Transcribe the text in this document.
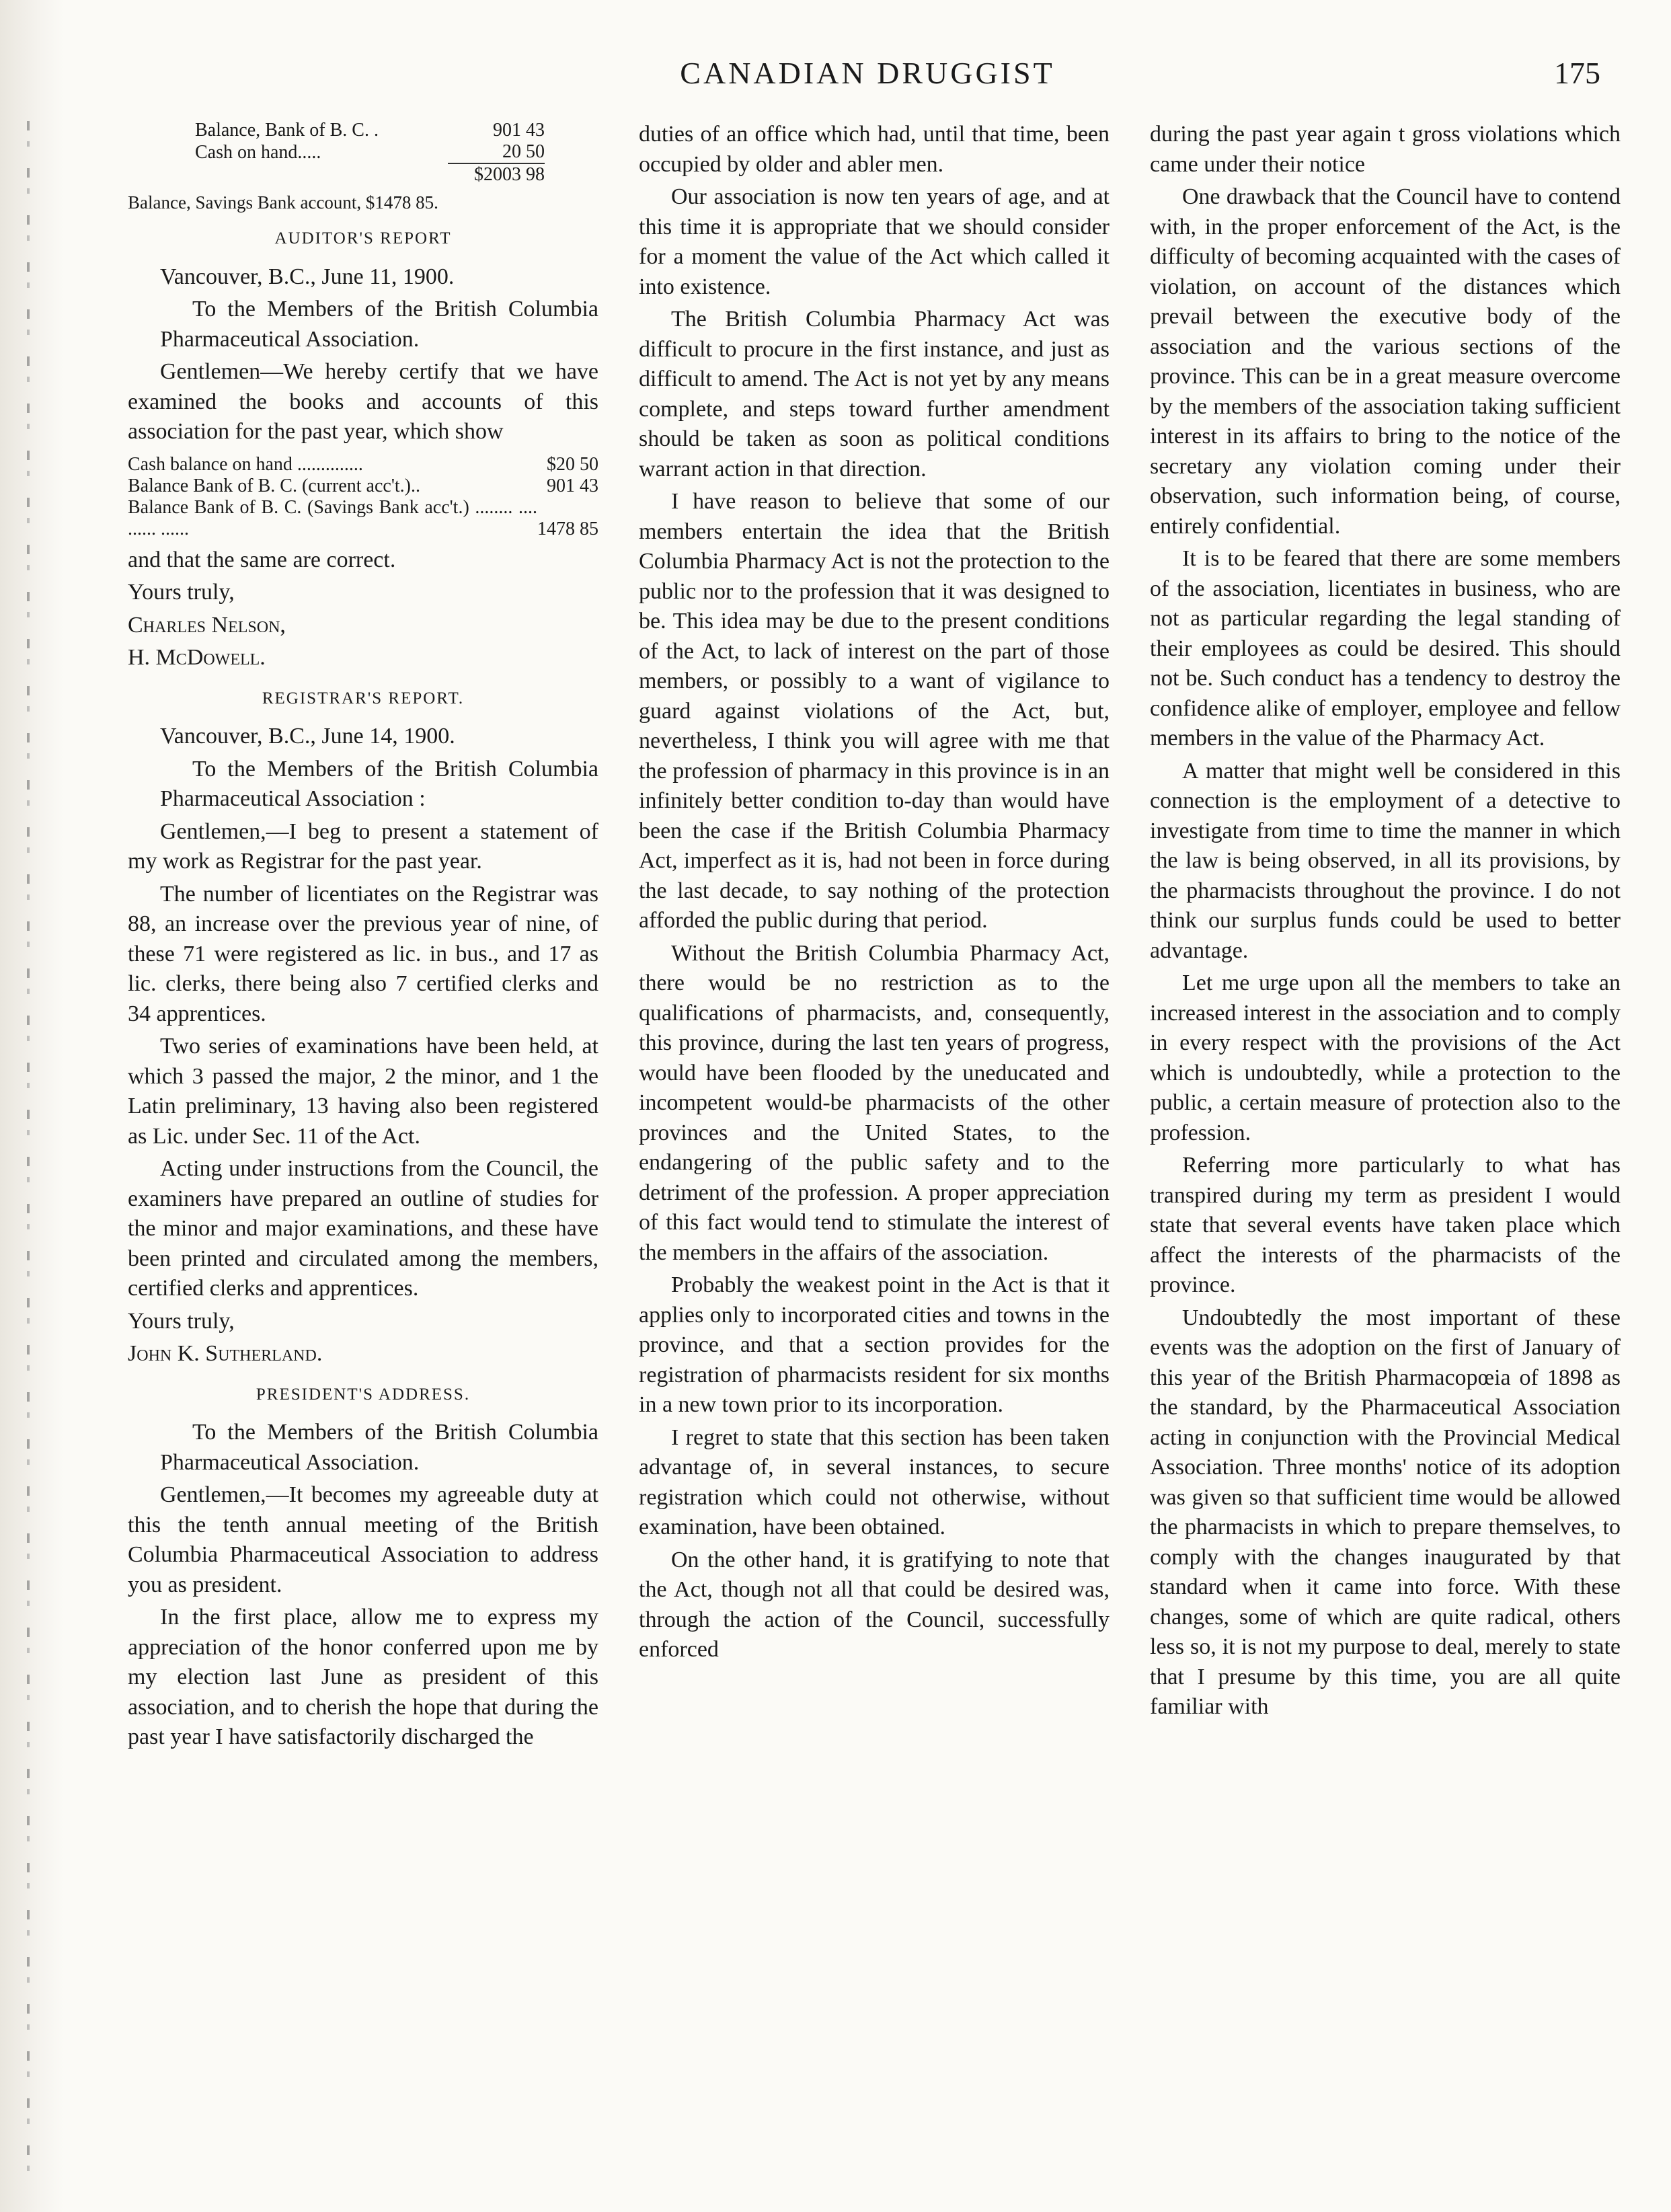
CANADIAN DRUGGIST	175
Balance, Bank of B. C. .	901 43
Cash on hand.....	20 50
	$2003 98

Balance, Savings Bank account, $1478 85.

AUDITOR'S REPORT

Vancouver, B.C., June 11, 1900.

To the Members of the British Columbia Pharmaceutical Association.

Gentlemen—We hereby certify that we have examined the books and accounts of this association for the past year, which show

Cash balance on hand ..............	$20 50
Balance Bank of B. C. (current acc't.)..	901 43
Balance Bank of B. C. (Savings Bank acc't.) ........ .... ...... ......	1478 85

and that the same are correct.

Yours truly,

Charles Nelson,

H. McDowell.

REGISTRAR'S REPORT.

Vancouver, B.C., June 14, 1900.

To the Members of the British Columbia Pharmaceutical Association :

Gentlemen,—I beg to present a statement of my work as Registrar for the past year.

The number of licentiates on the Registrar was 88, an increase over the previous year of nine, of these 71 were registered as lic. in bus., and 17 as lic. clerks, there being also 7 certified clerks and 34 apprentices.

Two series of examinations have been held, at which 3 passed the major, 2 the minor, and 1 the Latin preliminary, 13 having also been registered as Lic. under Sec. 11 of the Act.

Acting under instructions from the Council, the examiners have prepared an outline of studies for the minor and major examinations, and these have been printed and circulated among the members, certified clerks and apprentices.

Yours truly,

John K. Sutherland.

PRESIDENT'S ADDRESS.

To the Members of the British Columbia Pharmaceutical Association.

Gentlemen,—It becomes my agreeable duty at this the tenth annual meeting of the British Columbia Pharmaceutical Association to address you as president.

In the first place, allow me to express my appreciation of the honor conferred upon me by my election last June as president of this association, and to cherish the hope that during the past year I have satisfactorily discharged the

duties of an office which had, until that time, been occupied by older and abler men.

Our association is now ten years of age, and at this time it is appropriate that we should consider for a moment the value of the Act which called it into existence.

The British Columbia Pharmacy Act was difficult to procure in the first instance, and just as difficult to amend. The Act is not yet by any means complete, and steps toward further amendment should be taken as soon as political conditions warrant action in that direction.

I have reason to believe that some of our members entertain the idea that the British Columbia Pharmacy Act is not the protection to the public nor to the profession that it was designed to be. This idea may be due to the present conditions of the Act, to lack of interest on the part of those members, or possibly to a want of vigilance to guard against violations of the Act, but, nevertheless, I think you will agree with me that the profession of pharmacy in this province is in an infinitely better condition to-day than would have been the case if the British Columbia Pharmacy Act, imperfect as it is, had not been in force during the last decade, to say nothing of the protection afforded the public during that period.

Without the British Columbia Pharmacy Act, there would be no restriction as to the qualifications of pharmacists, and, consequently, this province, during the last ten years of progress, would have been flooded by the uneducated and incompetent would-be pharmacists of the other provinces and the United States, to the endangering of the public safety and to the detriment of the profession. A proper appreciation of this fact would tend to stimulate the interest of the members in the affairs of the association.

Probably the weakest point in the Act is that it applies only to incorporated cities and towns in the province, and that a section provides for the registration of pharmacists resident for six months in a new town prior to its incorporation.

I regret to state that this section has been taken advantage of, in several instances, to secure registration which could not otherwise, without examination, have been obtained.

On the other hand, it is gratifying to note that the Act, though not all that could be desired was, through the action of the Council, successfully enforced

during the past year again t gross violations which came under their notice

One drawback that the Council have to contend with, in the proper enforcement of the Act, is the difficulty of becoming acquainted with the cases of violation, on account of the distances which prevail between the executive body of the association and the various sections of the province. This can be in a great measure overcome by the members of the association taking sufficient interest in its affairs to bring to the notice of the secretary any violation coming under their observation, such information being, of course, entirely confidential.

It is to be feared that there are some members of the association, licentiates in business, who are not as particular regarding the legal standing of their employees as could be desired. This should not be. Such conduct has a tendency to destroy the confidence alike of employer, employee and fellow members in the value of the Pharmacy Act.

A matter that might well be considered in this connection is the employment of a detective to investigate from time to time the manner in which the law is being observed, in all its provisions, by the pharmacists throughout the province. I do not think our surplus funds could be used to better advantage.

Let me urge upon all the members to take an increased interest in the association and to comply in every respect with the provisions of the Act which is undoubtedly, while a protection to the public, a certain measure of protection also to the profession.

Referring more particularly to what has transpired during my term as president I would state that several events have taken place which affect the interests of the pharmacists of the province.

Undoubtedly the most important of these events was the adoption on the first of January of this year of the British Pharmacopœia of 1898 as the standard, by the Pharmaceutical Association acting in conjunction with the Provincial Medical Association. Three months' notice of its adoption was given so that sufficient time would be allowed the pharmacists in which to prepare themselves, to comply with the changes inaugurated by that standard when it came into force. With these changes, some of which are quite radical, others less so, it is not my purpose to deal, merely to state that I presume by this time, you are all quite familiar with
